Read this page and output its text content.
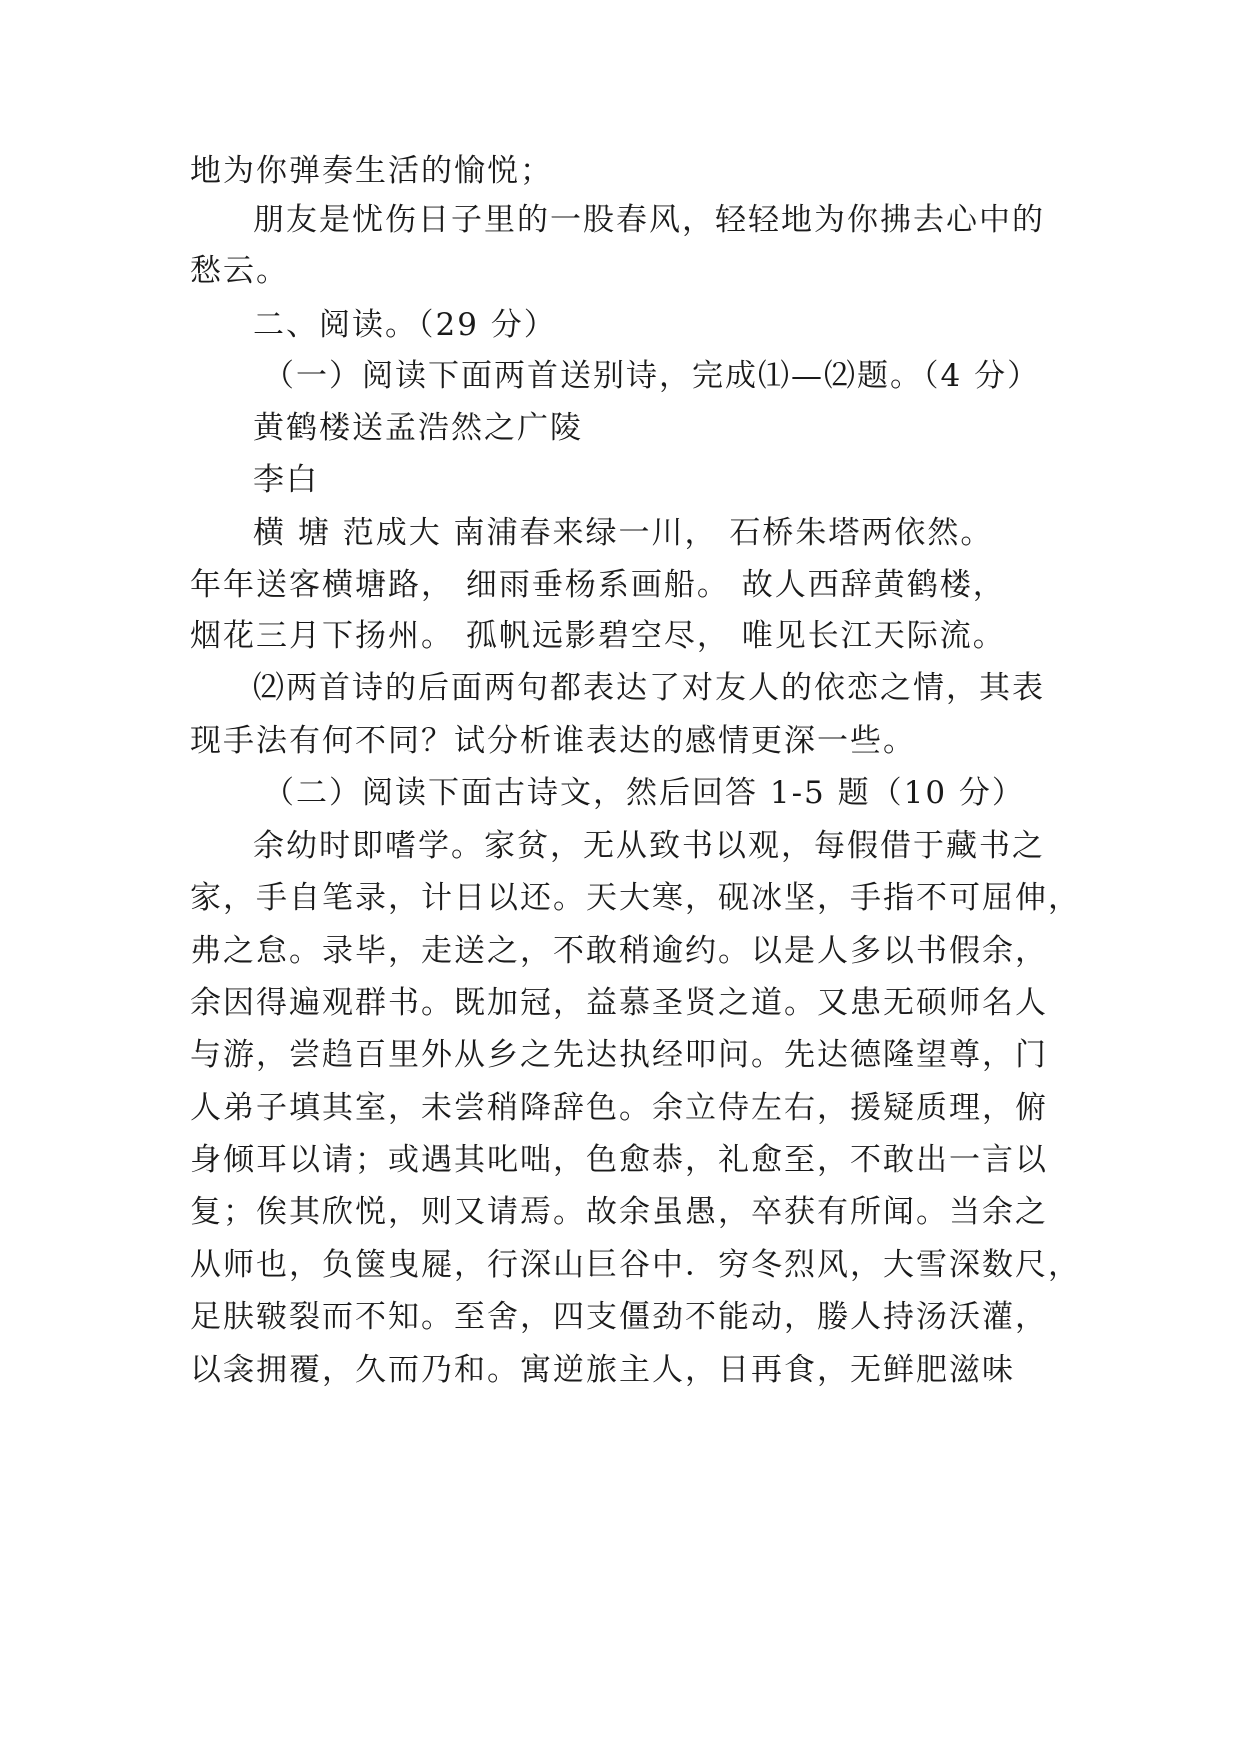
地为你弹奏生活的愉悦；
朋友是忧伤日子里的一股春风，轻轻地为你拂去心中的
愁云。
二、阅读。（29 分）
（一）阅读下面两首送别诗，完成⑴—⑵题。（4 分）
黄鹤楼送孟浩然之广陵
李白
横 塘 范成大 南浦春来绿一川， 石桥朱塔两依然。
年年送客横塘路， 细雨垂杨系画船。 故人西辞黄鹤楼，
烟花三月下扬州。 孤帆远影碧空尽， 唯见长江天际流。
⑵两首诗的后面两句都表达了对友人的依恋之情，其表
现手法有何不同？试分析谁表达的感情更深一些。
（二）阅读下面古诗文，然后回答 1-5 题（10 分）
余幼时即嗜学。家贫，无从致书以观，每假借于藏书之
家，手自笔录，计日以还。天大寒，砚冰坚，手指不可屈伸，
弗之怠。录毕，走送之，不敢稍逾约。以是人多以书假余，
余因得遍观群书。既加冠，益慕圣贤之道。又患无硕师名人
与游，尝趋百里外从乡之先达执经叩问。先达德隆望尊，门
人弟子填其室，未尝稍降辞色。余立侍左右，援疑质理，俯
身倾耳以请；或遇其叱咄，色愈恭，礼愈至，不敢出一言以
复；俟其欣悦，则又请焉。故余虽愚，卒获有所闻。当余之
从师也，负箧曳屣，行深山巨谷中．穷冬烈风，大雪深数尺，
足肤皲裂而不知。至舍，四支僵劲不能动，媵人持汤沃灌，
以衾拥覆，久而乃和。寓逆旅主人，日再食，无鲜肥滋味
